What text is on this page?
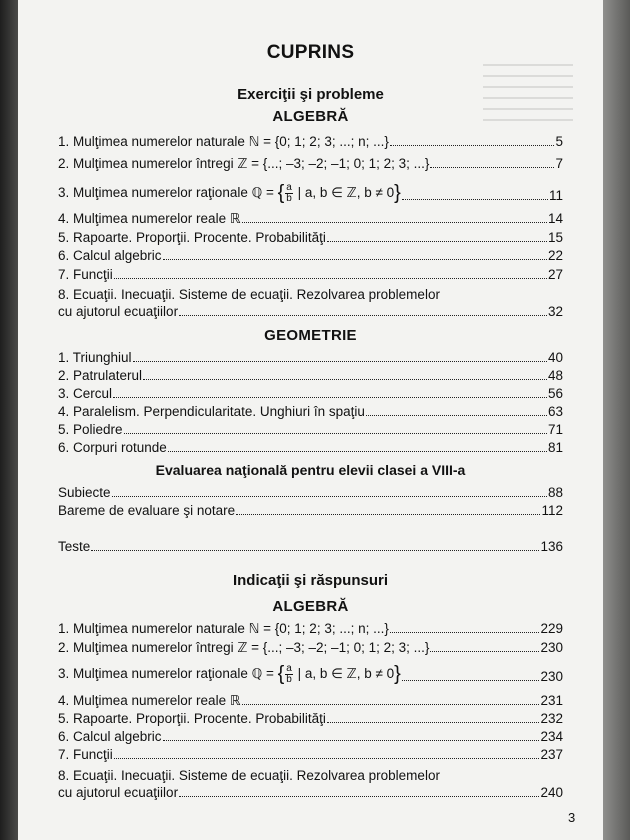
CUPRINS
Exerciţii şi probleme
ALGEBRĂ
1. Mulţimea numerelor naturale ℕ = {0; 1; 2; 3; ...; n; ...}	5
2. Mulţimea numerelor întregi ℤ = {...; –3; –2; –1; 0; 1; 2; 3; ...}	7
3. Mulţimea numerelor raţionale ℚ = { $\frac{a}{b}$ | a, b ∈ ℤ, b ≠ 0}	11
4. Mulţimea numerelor reale ℝ	14
5. Rapoarte. Proporţii. Procente. Probabilităţi	15
6. Calcul algebric	22
7. Funcţii	27
8. Ecuaţii. Inecuaţii. Sisteme de ecuaţii. Rezolvarea problemelor
cu ajutorul ecuaţiilor	32
GEOMETRIE
1. Triunghiul	40
2. Patrulaterul	48
3. Cercul	56
4. Paralelism. Perpendicularitate. Unghiuri în spaţiu	63
5. Poliedre	71
6. Corpuri rotunde	81
Evaluarea naţională pentru elevii clasei a VIII-a
Subiecte	88
Bareme de evaluare şi notare	112
Teste	136
Indicaţii şi răspunsuri
ALGEBRĂ
1. Mulţimea numerelor naturale ℕ = {0; 1; 2; 3; ...; n; ...}	229
2. Mulţimea numerelor întregi ℤ = {...; –3; –2; –1; 0; 1; 2; 3; ...}	230
3. Mulţimea numerelor raţionale ℚ = { $\frac{a}{b}$ | a, b ∈ ℤ, b ≠ 0}	230
4. Mulţimea numerelor reale ℝ	231
5. Rapoarte. Proporţii. Procente. Probabilităţi	232
6. Calcul algebric	234
7. Funcţii	237
8. Ecuaţii. Inecuaţii. Sisteme de ecuaţii. Rezolvarea problemelor
cu ajutorul ecuaţiilor	240
3
